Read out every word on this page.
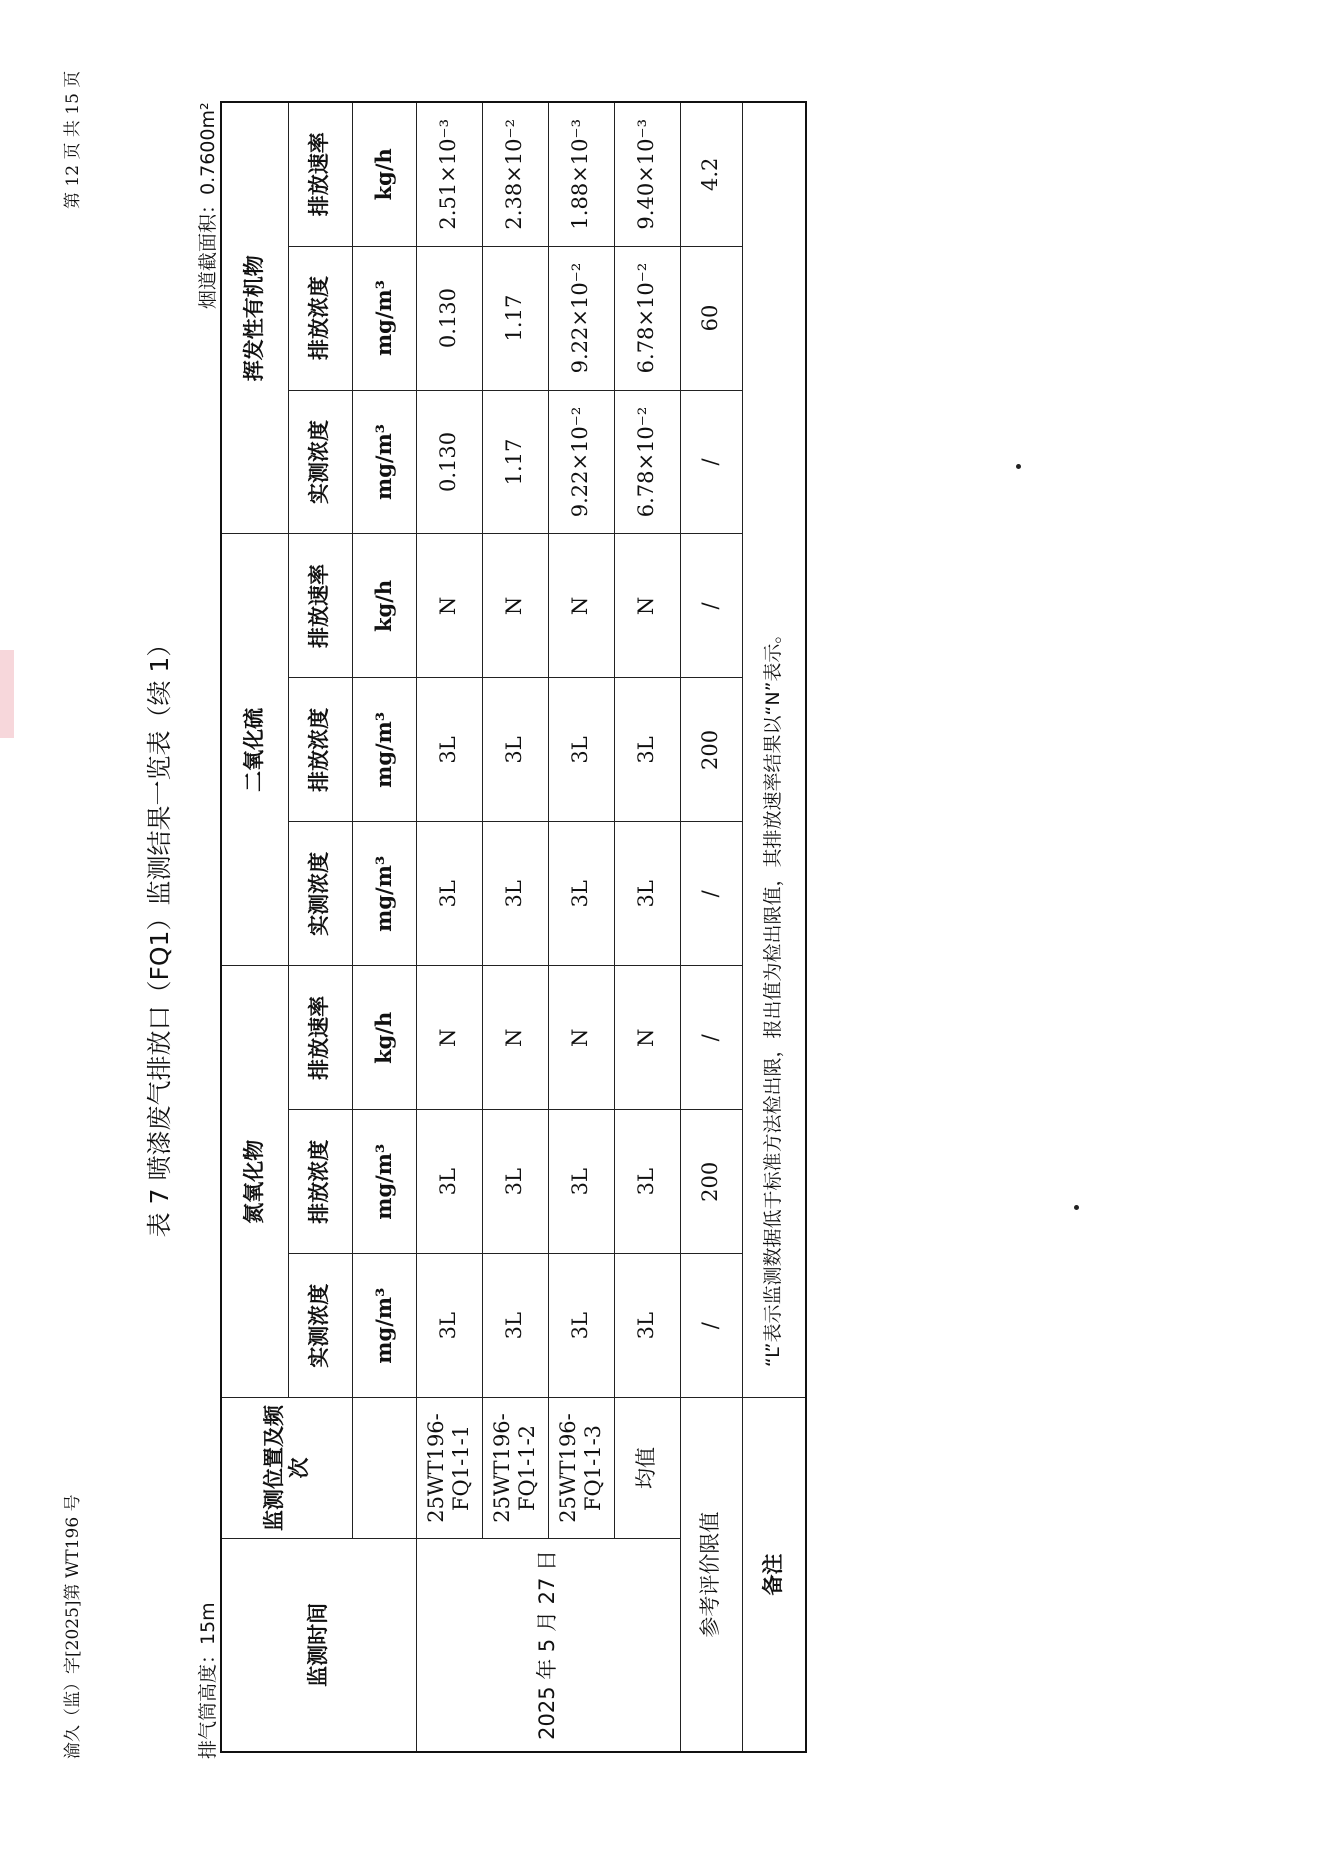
渝久（监）字[2025]第 WT196 号
第 12 页 共 15 页
表 7 喷漆废气排放口（FQ1）监测结果一览表（续 1）
排气筒高度：15m
烟道截面积：0.7600m²
监测时间	监测位置及频次	氮氧化物			二氧化硫			挥发性有机物		
		实测浓度	排放浓度	排放速率	实测浓度	排放浓度	排放速率	实测浓度	排放浓度	排放速率
		mg/m³	mg/m³	kg/h	mg/m³	mg/m³	kg/h	mg/m³	mg/m³	kg/h
2025 年 5 月 27 日	25WT196-FQ1-1-1	3L	3L	N	3L	3L	N	0.130	0.130	2.51×10⁻³
	25WT196-FQ1-1-2	3L	3L	N	3L	3L	N	1.17	1.17	2.38×10⁻²
	25WT196-FQ1-1-3	3L	3L	N	3L	3L	N	9.22×10⁻²	9.22×10⁻²	1.88×10⁻³
	均值	3L	3L	N	3L	3L	N	6.78×10⁻²	6.78×10⁻²	9.40×10⁻³
参考评价限值		/	200	/	/	200	/	/	60	4.2
备注		“L”表示监测数据低于标准方法检出限，报出值为检出限值，其排放速率结果以“N”表示。								
